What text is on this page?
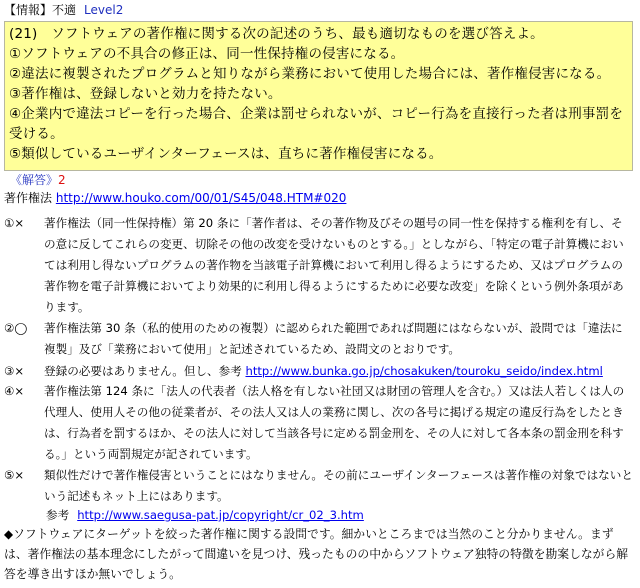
【情報】不適 Level2
(21)　ソフトウェアの著作権に関する次の記述のうち、最も適切なものを選び答えよ。
①ソフトウェアの不具合の修正は、同一性保持権の侵害になる。
②違法に複製されたプログラムと知りながら業務において使用した場合には、著作権侵害になる。
③著作権は、登録しないと効力を持たない。
④企業内で違法コピーを行った場合、企業は罰せられないが、コピー行為を直接行った者は刑事罰を受ける。
⑤類似しているユーザインターフェースは、直ちに著作権侵害になる。
《解答》2
著作権法 http://www.houko.com/00/01/S45/048.HTM#020
①×	著作権法（同一性保持権）第 20 条に「著作者は、その著作物及びその題号の同一性を保持する権利を有し、その意に反してこれらの変更、切除その他の改変を受けないものとする。」としながら、「特定の電子計算機においては利用し得ないプログラムの著作物を当該電子計算機において利用し得るようにするため、又はプログラムの著作物を電子計算機においてより効果的に利用し得るようにするために必要な改変」を除くという例外条項があります。
②◯	著作権法第 30 条（私的使用のための複製）に認められた範囲であれば問題にはならないが、設問では「違法に複製」及び「業務において使用」と記述されているため、設問文のとおりです。
③×	登録の必要はありません。但し、参考 http://www.bunka.go.jp/chosakuken/touroku_seido/index.html
④×	著作権法第 124 条に「法人の代表者（法人格を有しない社団又は財団の管理人を含む。）又は法人若しくは人の代理人、使用人その他の従業者が、その法人又は人の業務に関し、次の各号に掲げる規定の違反行為をしたときは、行為者を罰するほか、その法人に対して当該各号に定める罰金刑を、その人に対して各本条の罰金刑を科する。」という両罰規定が記されています。
⑤×	類似性だけで著作権侵害ということにはなりません。その前にユーザインターフェースは著作権の対象ではないという記述もネット上にはあります。
参考 http://www.saegusa-pat.jp/copyright/cr_02_3.htm
◆ソフトウェアにターゲットを絞った著作権に関する設問です。細かいところまでは当然のこと分かりません。まずは、著作権法の基本理念にしたがって間違いを見つけ、残ったものの中からソフトウェア独特の特徴を勘案しながら解答を導き出すほか無いでしょう。
